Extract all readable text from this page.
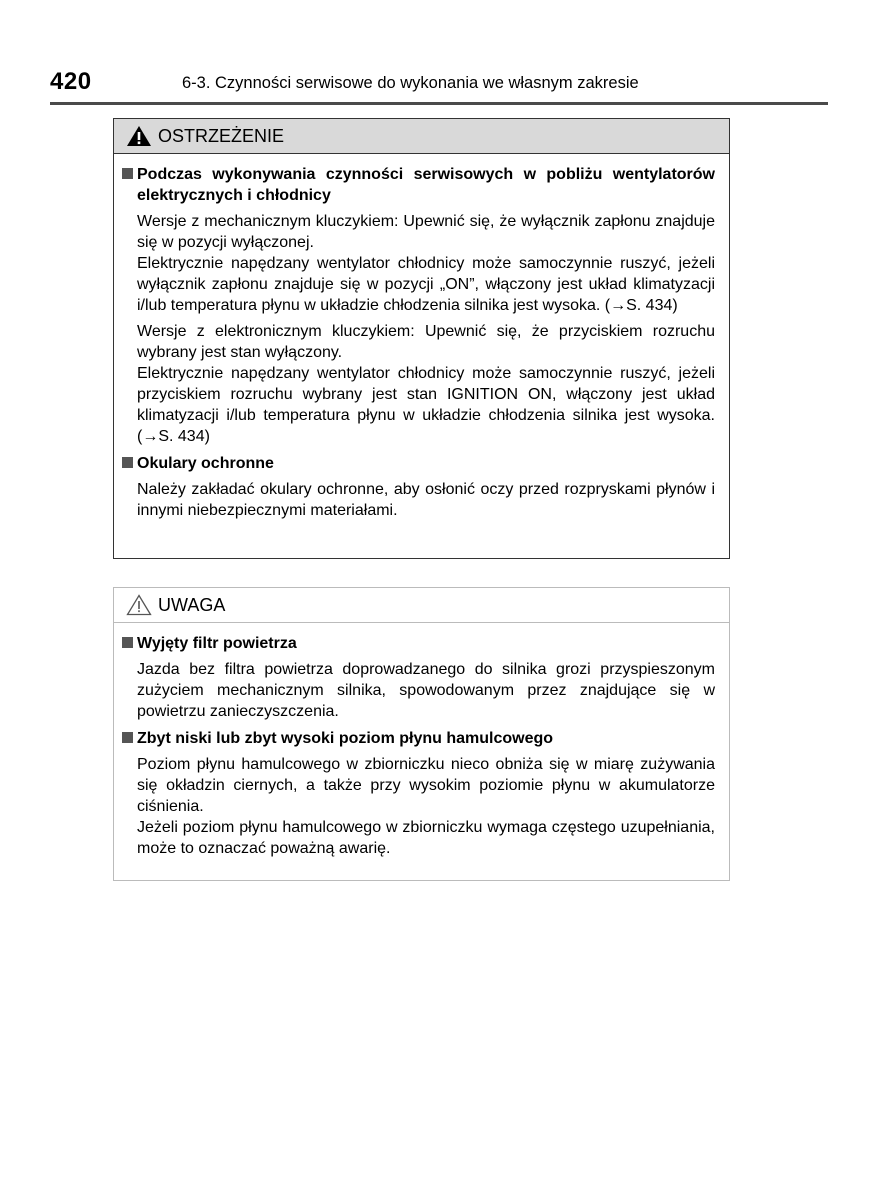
420	6-3. Czynności serwisowe do wykonania we własnym zakresie
OSTRZEŻENIE
Podczas wykonywania czynności serwisowych w pobliżu wentylatorów elektrycznych i chłodnicy
Wersje z mechanicznym kluczykiem: Upewnić się, że wyłącznik zapłonu znajduje się w pozycji wyłączonej.
Elektrycznie napędzany wentylator chłodnicy może samoczynnie ruszyć, jeżeli wyłącznik zapłonu znajduje się w pozycji „ON”, włączony jest układ klimatyzacji i/lub temperatura płynu w układzie chłodzenia silnika jest wysoka. (→S. 434)
Wersje z elektronicznym kluczykiem: Upewnić się, że przyciskiem rozruchu wybrany jest stan wyłączony.
Elektrycznie napędzany wentylator chłodnicy może samoczynnie ruszyć, jeżeli przyciskiem rozruchu wybrany jest stan IGNITION ON, włączony jest układ klimatyzacji i/lub temperatura płynu w układzie chłodzenia silnika jest wysoka. (→S. 434)
Okulary ochronne
Należy zakładać okulary ochronne, aby osłonić oczy przed rozpryskami płynów i innymi niebezpiecznymi materiałami.
UWAGA
Wyjęty filtr powietrza
Jazda bez filtra powietrza doprowadzanego do silnika grozi przyspieszonym zużyciem mechanicznym silnika, spowodowanym przez znajdujące się w powietrzu zanieczyszczenia.
Zbyt niski lub zbyt wysoki poziom płynu hamulcowego
Poziom płynu hamulcowego w zbiorniczku nieco obniża się w miarę zużywania się okładzin ciernych, a także przy wysokim poziomie płynu w akumulatorze ciśnienia.
Jeżeli poziom płynu hamulcowego w zbiorniczku wymaga częstego uzupełniania, może to oznaczać poważną awarię.
